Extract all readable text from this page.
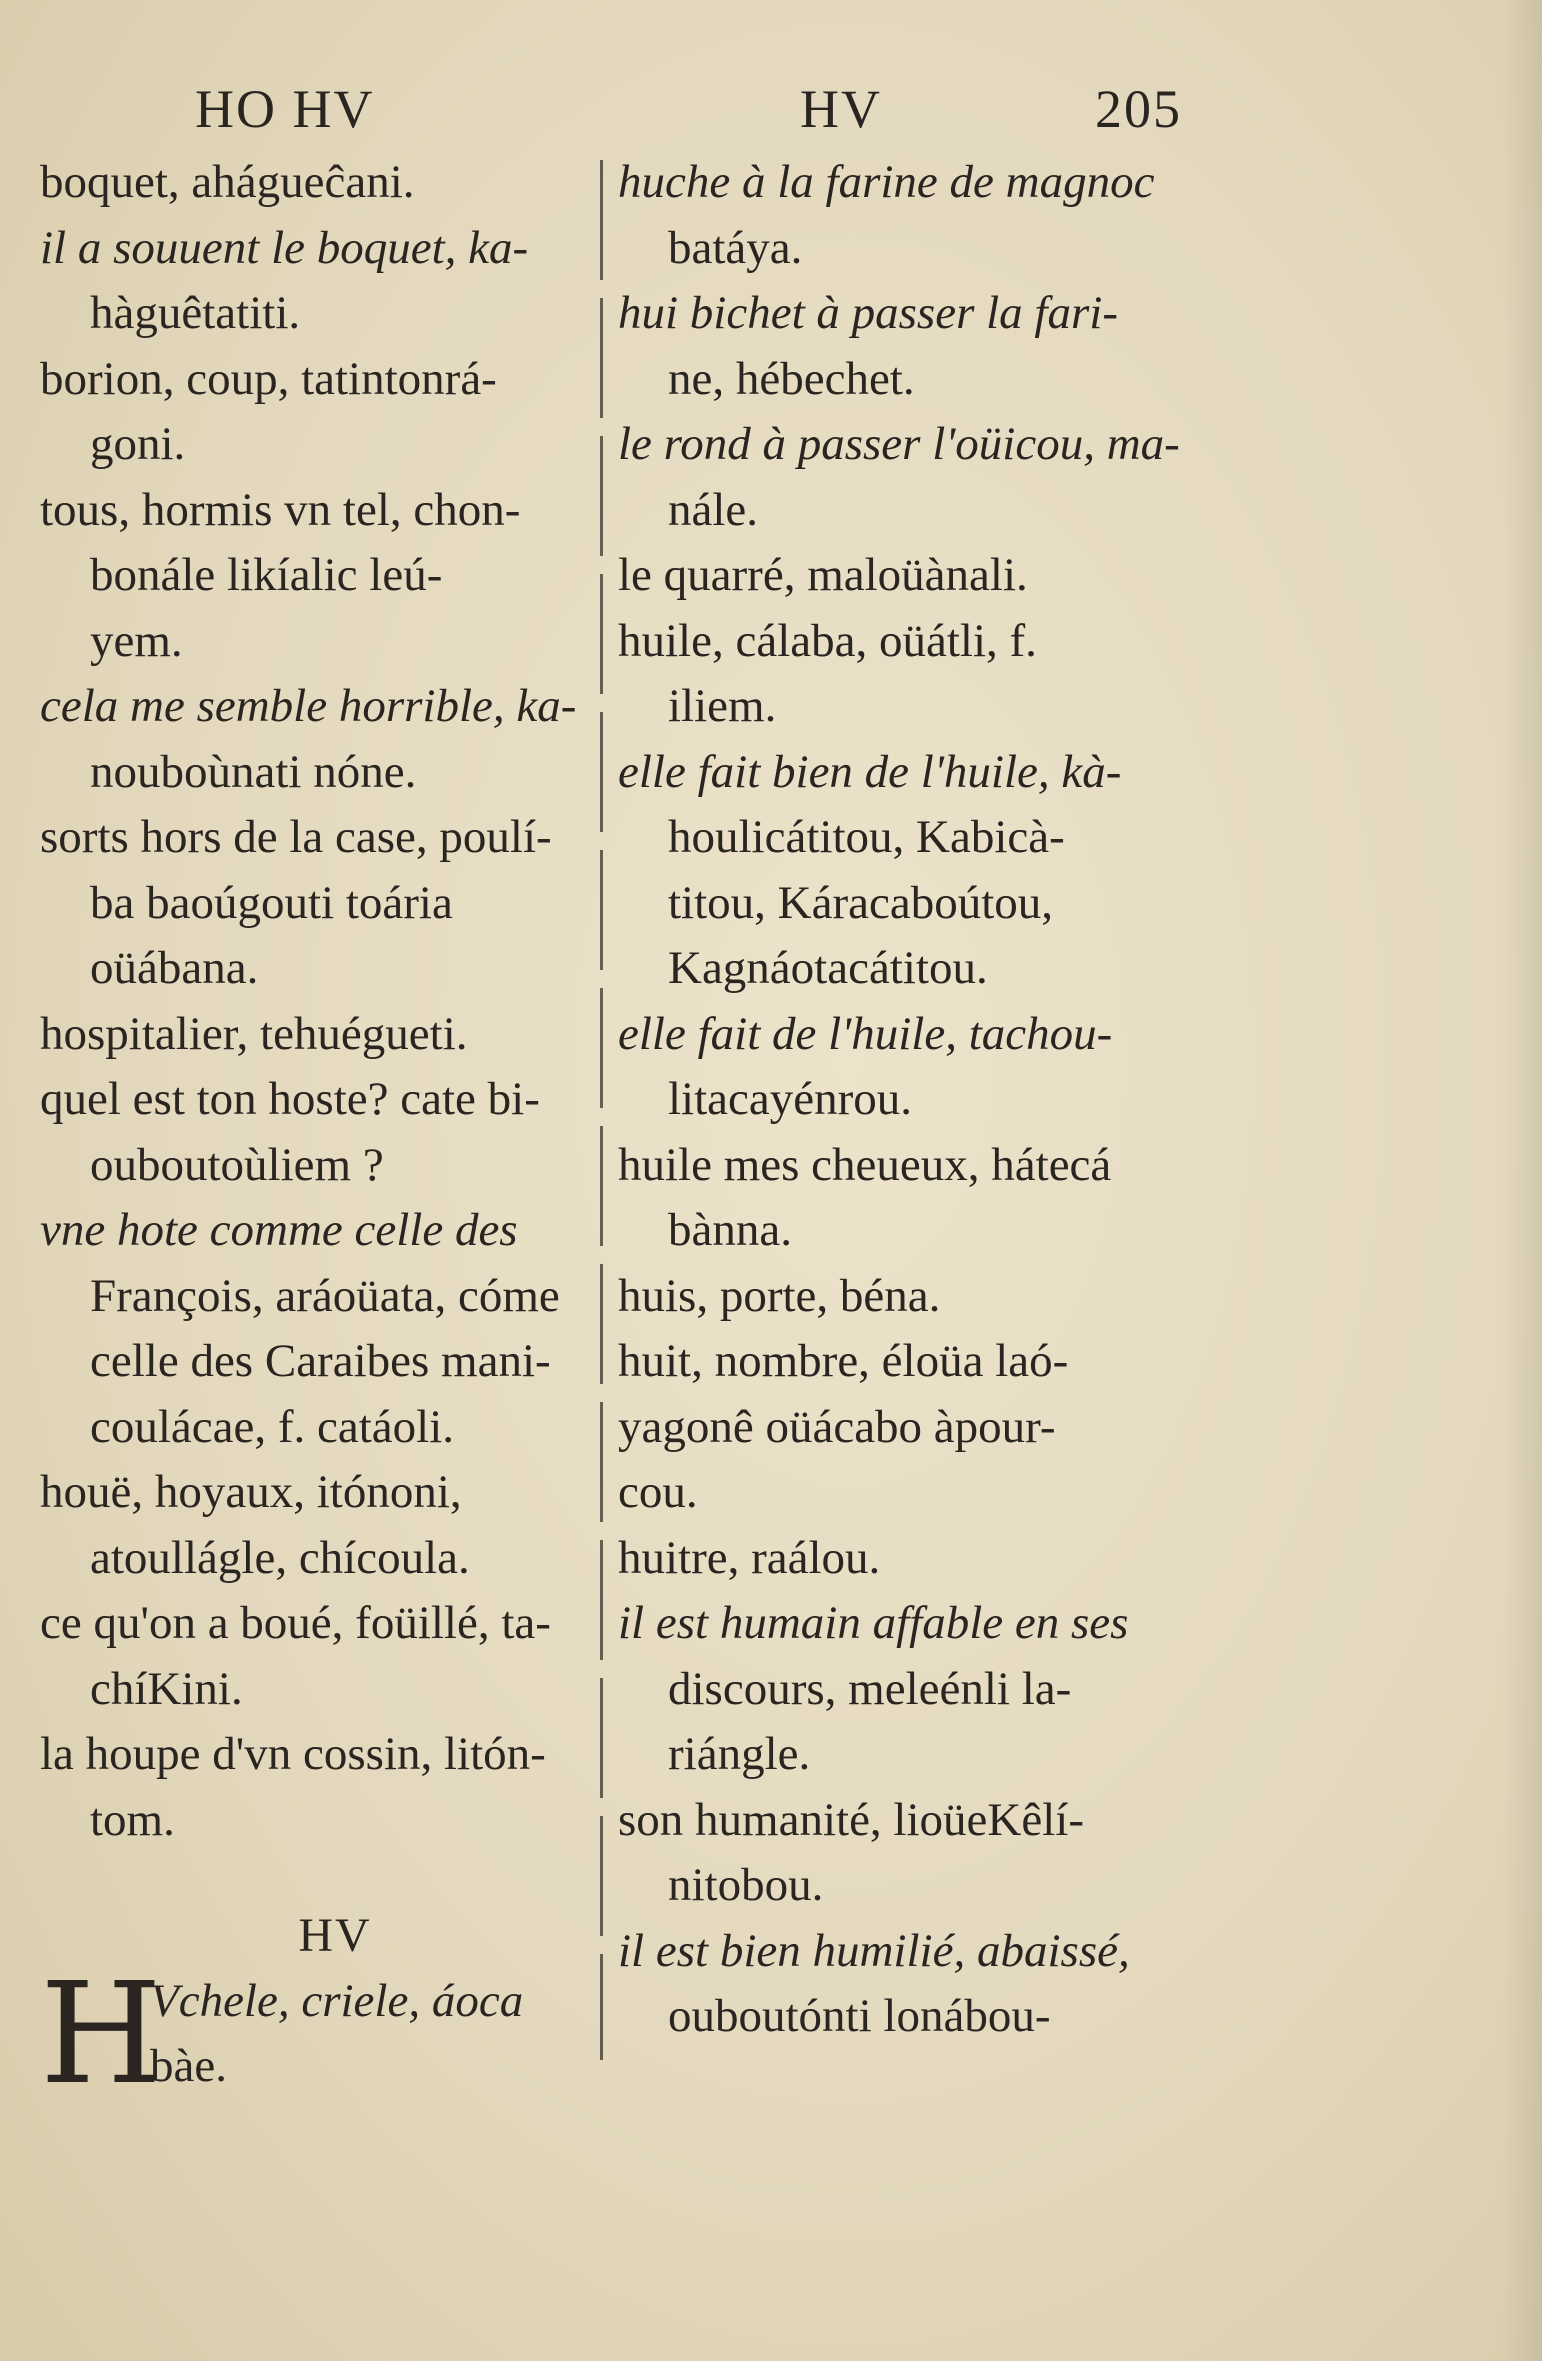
HO HV	HV	205
boquet, ahágueĉani.
il a souuent le boquet, ka-
hàguêtatiti.
borion, coup, tatintonrá-
goni.
tous, hormis vn tel, chon-
bonále likíalic leú-
yem.
cela me semble horrible, ka-
nouboùnati nóne.
sorts hors de la case, poulí-
ba baoúgouti toária
oüábana.
hospitalier, tehuégueti.
quel est ton hoste? cate bi-
ouboutoùliem ?
vne hote comme celle des
François, aráoüata, cóme
celle des Caraibes mani-
coulácae, f. catáoli.
houë, hoyaux, itónoni,
atoullágle, chícoula.
ce qu'on a boué, foüillé, ta-
chíKini.
la houpe d'vn cossin, litón-
tom.
HV
H
Vchele, criele, áoca
bàe.
huche à la farine de magnoc
batáya.
hui bichet à passer la fari-
ne, hébechet.
le rond à passer l'oüicou, ma-
nále.
le quarré, maloüànali.
huile, cálaba, oüátli, f.
iliem.
elle fait bien de l'huile, kà-
houlicátitou, Kabicà-
titou, Káracaboútou,
Kagnáotacátitou.
elle fait de l'huile, tachou-
litacayénrou.
huile mes cheueux, hátecá
bànna.
huis, porte, béna.
huit, nombre, éloüa laó-
yagonê oüácabo àpour-
cou.
huitre, raálou.
il est humain affable en ses
discours, meleénli la-
riángle.
son humanité, lioüeKêlí-
nitobou.
il est bien humilié, abaissé,
ouboutónti lonábou-
